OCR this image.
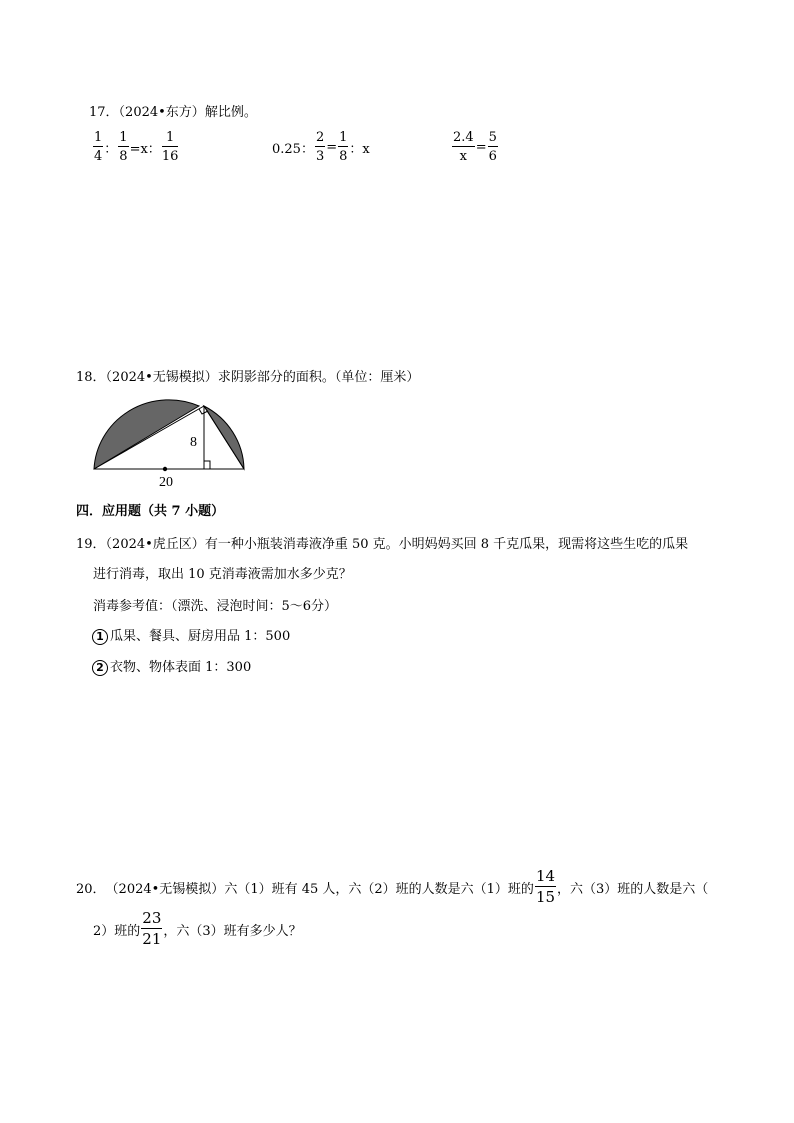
17．（2024•东方）解比例。
$\frac{1}{4}$ ： $\frac{1}{8} =x$： $\frac{1}{16}$	0.25： $\frac{2}{3} = \frac{1}{8}$ ：x	$\frac{2.4}{x} = \frac{5}{6}$
18．（2024•无锡模拟）求阴影部分的面积。（单位：厘米）
8
20
四．应用题（共 7 小题）
19．（2024•虎丘区）有一种小瓶装消毒液净重 50 克。小明妈妈买回 8 千克瓜果，现需将这些生吃的瓜果
进行消毒，取出 10 克消毒液需加水多少克？
消毒参考值：（漂洗、浸泡时间：5～6分）
1 瓜果、餐具、厨房用品 1：500
2 衣物、物体表面 1：300
20．（2024•无锡模拟）六（1）班有 45 人，六（2）班的人数是六（1）班的 $\frac{14}{15}$ ，六（3）班的人数是六（
2）班的 $\frac{23}{21}$ ，六（3）班有多少人？
